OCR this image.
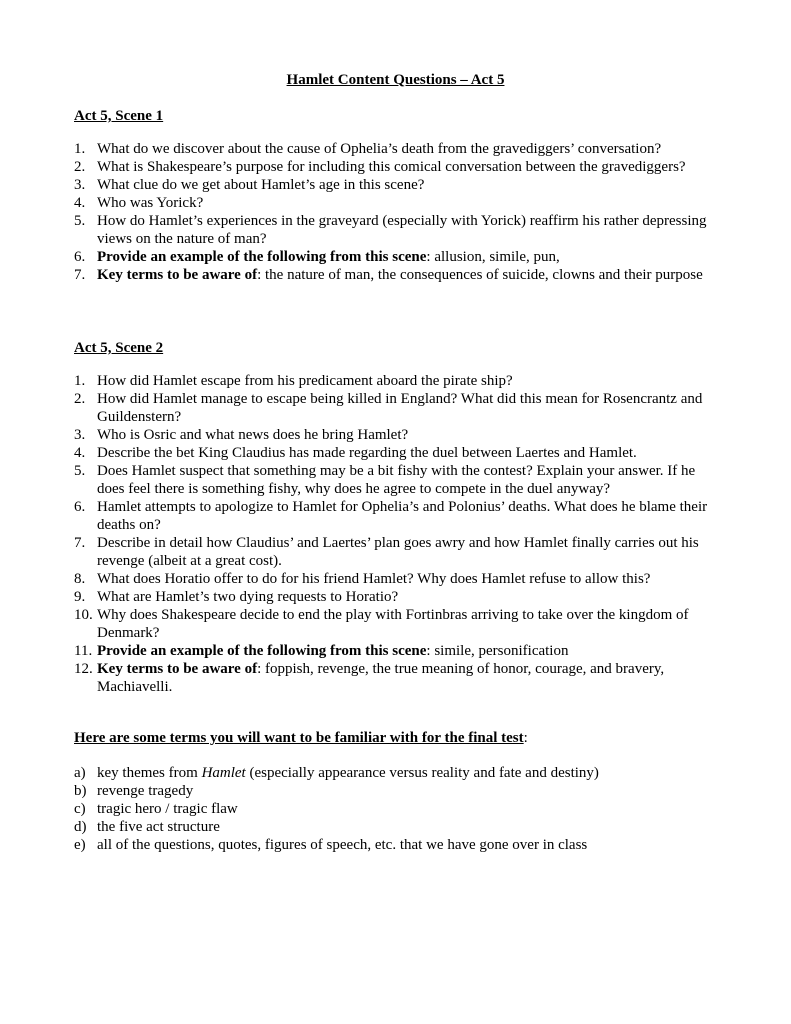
Hamlet Content Questions – Act 5
Act 5, Scene 1
1. What do we discover about the cause of Ophelia’s death from the gravediggers’ conversation?
2. What is Shakespeare’s purpose for including this comical conversation between the gravediggers?
3. What clue do we get about Hamlet’s age in this scene?
4. Who was Yorick?
5. How do Hamlet’s experiences in the graveyard (especially with Yorick) reaffirm his rather depressing views on the nature of man?
6. Provide an example of the following from this scene: allusion, simile, pun,
7. Key terms to be aware of: the nature of man, the consequences of suicide, clowns and their purpose
Act 5, Scene 2
1. How did Hamlet escape from his predicament aboard the pirate ship?
2. How did Hamlet manage to escape being killed in England? What did this mean for Rosencrantz and Guildenstern?
3. Who is Osric and what news does he bring Hamlet?
4. Describe the bet King Claudius has made regarding the duel between Laertes and Hamlet.
5. Does Hamlet suspect that something may be a bit fishy with the contest? Explain your answer. If he does feel there is something fishy, why does he agree to compete in the duel anyway?
6. Hamlet attempts to apologize to Hamlet for Ophelia’s and Polonius’ deaths. What does he blame their deaths on?
7. Describe in detail how Claudius’ and Laertes’ plan goes awry and how Hamlet finally carries out his revenge (albeit at a great cost).
8. What does Horatio offer to do for his friend Hamlet? Why does Hamlet refuse to allow this?
9. What are Hamlet’s two dying requests to Horatio?
10. Why does Shakespeare decide to end the play with Fortinbras arriving to take over the kingdom of Denmark?
11. Provide an example of the following from this scene: simile, personification
12. Key terms to be aware of: foppish, revenge, the true meaning of honor, courage, and bravery, Machiavelli.
Here are some terms you will want to be familiar with for the final test:
a) key themes from Hamlet (especially appearance versus reality and fate and destiny)
b) revenge tragedy
c) tragic hero / tragic flaw
d) the five act structure
e) all of the questions, quotes, figures of speech, etc. that we have gone over in class
